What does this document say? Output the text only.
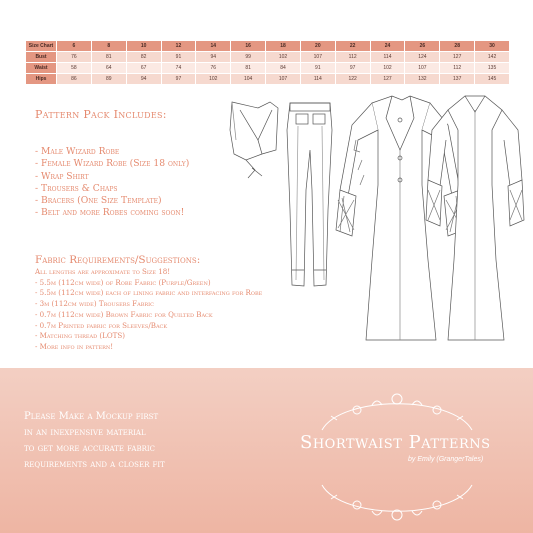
Size Chart	6	8	10	12	14	16	18	20	22	24	26	28	30
Bust	76	81	82	91	94	99	102	107	112	114	124	127	142
Waist	58	64	67	74	76	81	84	91	97	102	107	112	135
Hips	86	89	94	97	102	104	107	114	122	127	132	137	145
Pattern Pack Includes:
- Male Wizard Robe
- Female Wizard Robe (Size 18 only)
- Wrap Shirt
- Trousers & Chaps
- Bracers (One Size Template)
- Belt and more Robes coming soon!
Fabric Requirements/Suggestions:
All lengths are approximate to Size 18!
- 5.5m (112cm wide) of Robe Fabric (Purple/Green)
- 5.5m (112cm wide) each of lining fabric and interfacing for Robe
- 3m (112cm wide) Trousers Fabric
- 0.7m (112cm wide) Brown Fabric for Quilted Back
- 0.7m Printed fabric for Sleeves/Back
- Matching thread (LOTS)
- More info in pattern!
Please Make a Mockup first
in an inexpensive material
to get more accurate fabric
requirements and a closer fit
Shortwaist Patterns
by Emily (GrangerTales)
